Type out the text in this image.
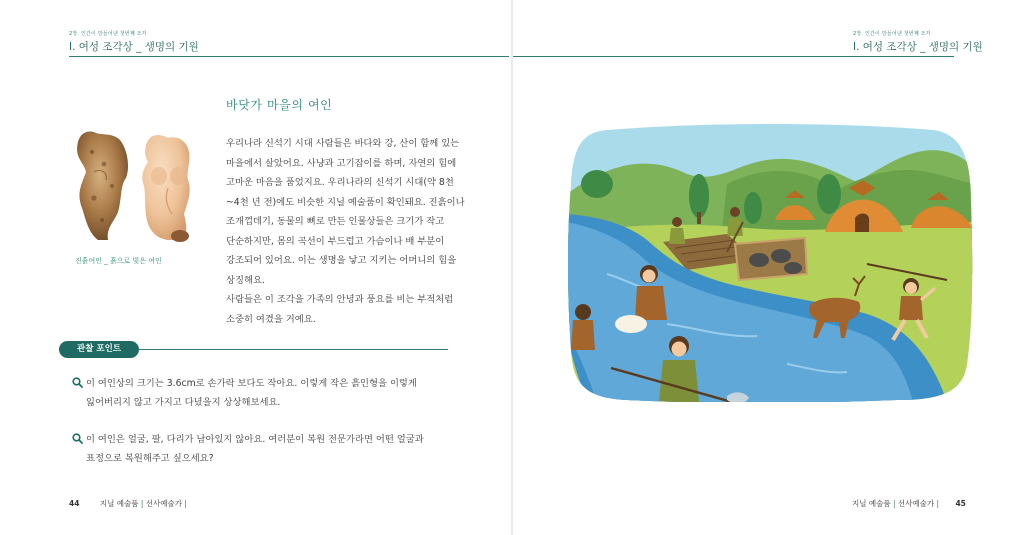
2장. 인간이 만들어낸 첫번째 조각
Ⅰ. 여성 조각상 _ 생명의 기원
2장. 인간이 만들어낸 첫번째 조각
Ⅰ. 여성 조각상 _ 생명의 기원
바닷가 마을의 여인
진흙여인 _ 흙으로 빚은 여인

우리나라 신석기 시대 사람들은 바다와 강, 산이 함께 있는

마을에서 살았어요. 사냥과 고기잡이를 하며, 자연의 힘에

고마운 마음을 품었지요. 우리나라의 신석기 시대(약 8천

~4천 년 전)에도 비슷한 지닐 예술품이 확인돼요. 진흙이나

조개껍데기, 동물의 뼈로 만든 인물상들은 크기가 작고

단순하지만, 몸의 곡선이 부드럽고 가슴이나 배 부분이

강조되어 있어요. 이는 생명을 낳고 지키는 어머니의 힘을

상징해요.

사람들은 이 조각을 가족의 안녕과 풍요를 비는 부적처럼

소중히 여겼을 거예요.

관찰 포인트
이 여인상의 크기는 3.6cm로 손가락 보다도 작아요. 이렇게 작은 흙인형을 이렇게
잃어버리지 않고 가지고 다녔을지 상상해보세요.
이 여인은 얼굴, 팔, 다리가 남아있지 않아요. 여러분이 복원 전문가라면 어떤 얼굴과
표정으로 복원해주고 싶으세요?
44	지닐 예술품 | 선사예술가 |	지닐 예술품 | 선사예술가 | 45
